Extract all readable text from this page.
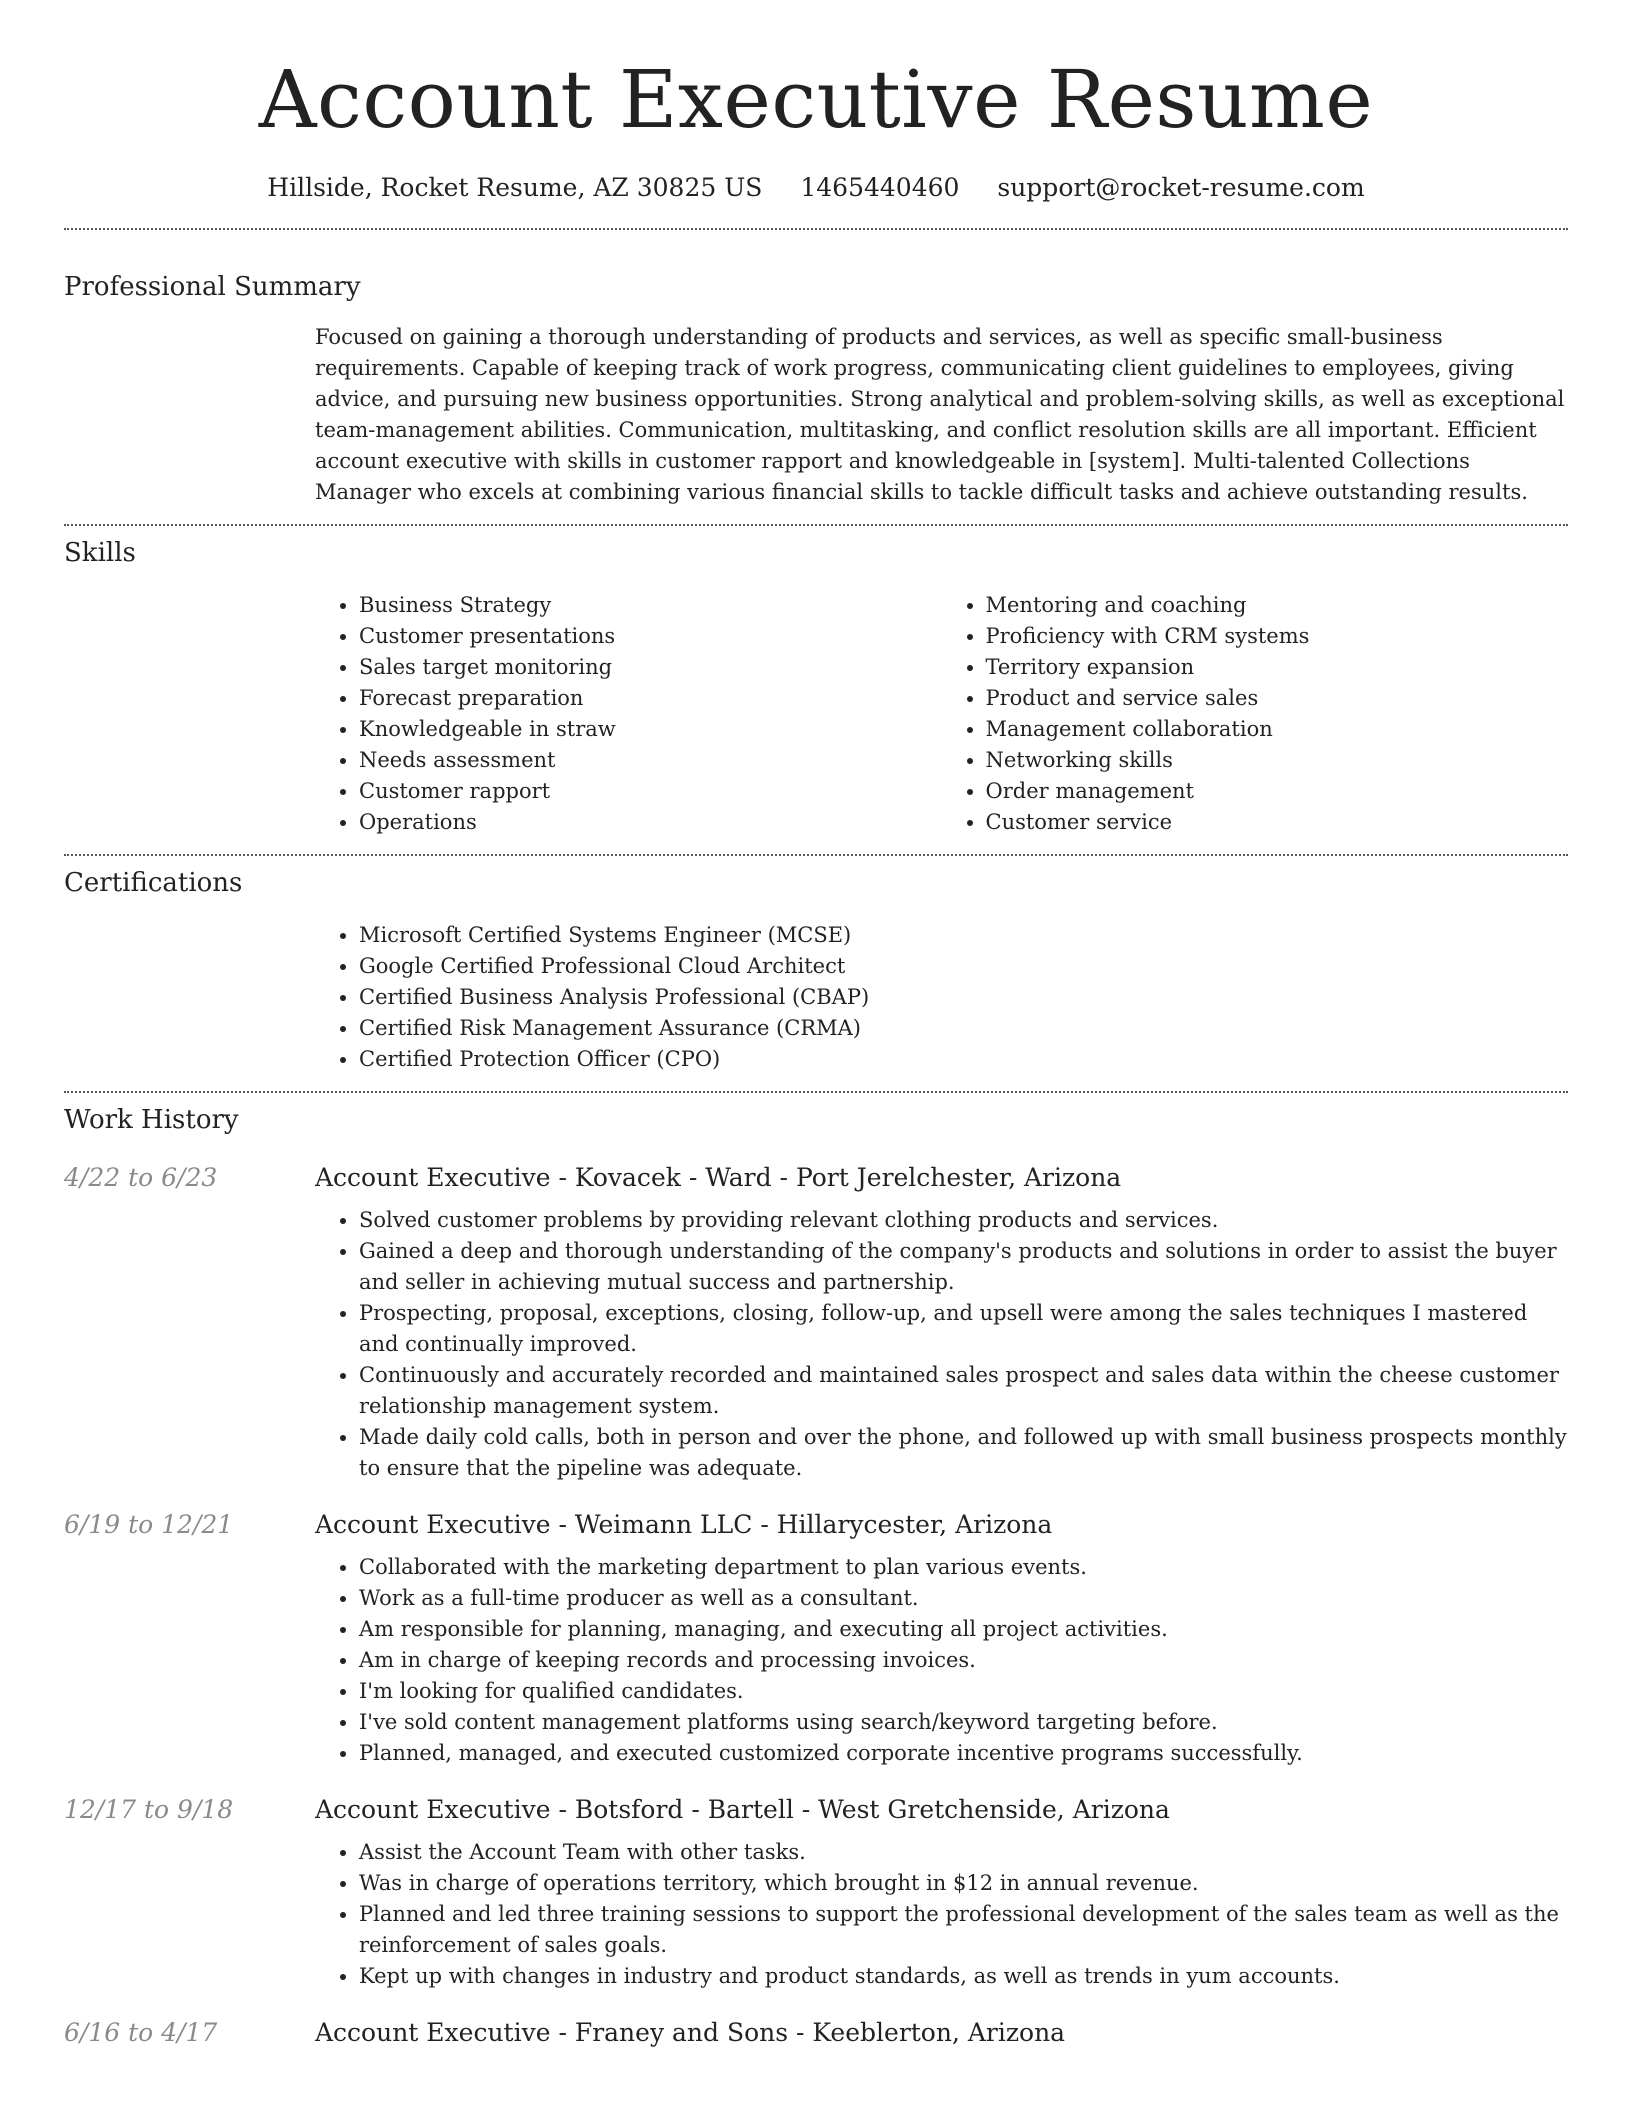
Account Executive Resume
Hillside, Rocket Resume, AZ 30825 US 1465440460 support@rocket-resume.com
Professional Summary
Focused on gaining a thorough understanding of products and services, as well as specific small-business requirements. Capable of keeping track of work progress, communicating client guidelines to employees, giving advice, and pursuing new business opportunities. Strong analytical and problem-solving skills, as well as exceptional team-management abilities. Communication, multitasking, and conflict resolution skills are all important. Efficient account executive with skills in customer rapport and knowledgeable in [system]. Multi-talented Collections Manager who excels at combining various financial skills to tackle difficult tasks and achieve outstanding results.
Skills
• Business Strategy
• Customer presentations
• Sales target monitoring
• Forecast preparation
• Knowledgeable in straw
• Needs assessment
• Customer rapport
• Operations
• Mentoring and coaching
• Proficiency with CRM systems
• Territory expansion
• Product and service sales
• Management collaboration
• Networking skills
• Order management
• Customer service
Certifications
• Microsoft Certified Systems Engineer (MCSE)
• Google Certified Professional Cloud Architect
• Certified Business Analysis Professional (CBAP)
• Certified Risk Management Assurance (CRMA)
• Certified Protection Officer (CPO)
Work History
4/22 to 6/23	Account Executive - Kovacek - Ward - Port Jerelchester, Arizona
• Solved customer problems by providing relevant clothing products and services.
• Gained a deep and thorough understanding of the company's products and solutions in order to assist the buyer and seller in achieving mutual success and partnership.
• Prospecting, proposal, exceptions, closing, follow-up, and upsell were among the sales techniques I mastered and continually improved.
• Continuously and accurately recorded and maintained sales prospect and sales data within the cheese customer relationship management system.
• Made daily cold calls, both in person and over the phone, and followed up with small business prospects monthly to ensure that the pipeline was adequate.
6/19 to 12/21	Account Executive - Weimann LLC - Hillarycester, Arizona
• Collaborated with the marketing department to plan various events.
• Work as a full-time producer as well as a consultant.
• Am responsible for planning, managing, and executing all project activities.
• Am in charge of keeping records and processing invoices.
• I'm looking for qualified candidates.
• I've sold content management platforms using search/keyword targeting before.
• Planned, managed, and executed customized corporate incentive programs successfully.
12/17 to 9/18	Account Executive - Botsford - Bartell - West Gretchenside, Arizona
• Assist the Account Team with other tasks.
• Was in charge of operations territory, which brought in $12 in annual revenue.
• Planned and led three training sessions to support the professional development of the sales team as well as the reinforcement of sales goals.
• Kept up with changes in industry and product standards, as well as trends in yum accounts.
6/16 to 4/17	Account Executive - Franey and Sons - Keeblerton, Arizona
